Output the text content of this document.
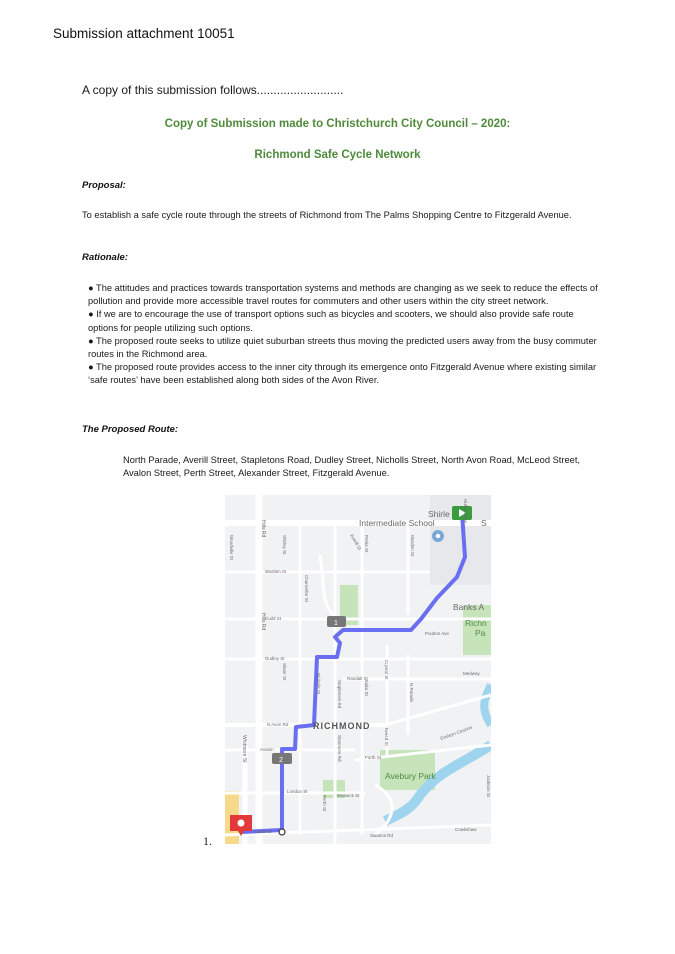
Submission attachment 10051
A copy of this submission follows..........................
Copy of Submission made to Christchurch City Council – 2020:
Richmond Safe Cycle Network
Proposal:
To establish a safe cycle route through the streets of Richmond from The Palms Shopping Centre to Fitzgerald Avenue.
Rationale:
● The attitudes and practices towards transportation systems and methods are changing as we seek to reduce the effects of pollution and provide more accessible travel routes for commuters and other users within the city street network.
● If we are to encourage the use of transport options such as bicycles and scooters, we should also provide safe route options for people utilizing such options.
● The proposed route seeks to utilize quiet suburban streets thus moving the predicted users away from the busy commuter routes in the Richmond area.
● The proposed route provides access to the inner city through its emergence onto Fitzgerald Avenue where existing similar ‘safe routes’ have been established along both sides of the Avon River.
The Proposed Route:
North Parade, Averill Street, Stapletons Road, Dudley Street, Nicholls Street, North Avon Road, McLeod Street, Avalon Street, Perth Street, Alexander Street, Fitzgerald Avenue.
Shirle
Intermediate School	S
Banks A
Richn
Pa
RICHMOND
Avebury Park
Warden St
Guild St
Dudley St
Randall St
N Avon Rd
Avalon
London St
Warwick St
Swanns Rd
Forth St
Medway
Poulton Ave
Cowlishaw
Hills Rd
Hills Rd
Whitmore St
Woodville St	Shirley St
Slater St
Chancellor St
Stapletons Rd
Petrie St
Stanmore Rd
Perth St
Tweed St
Crystal St
N Parade
Kaka St
Nicholls St
Averill St	Warden St
Hulverstone
Eveleyn Couzins
Jackson St
Averill St
1
2
1.
